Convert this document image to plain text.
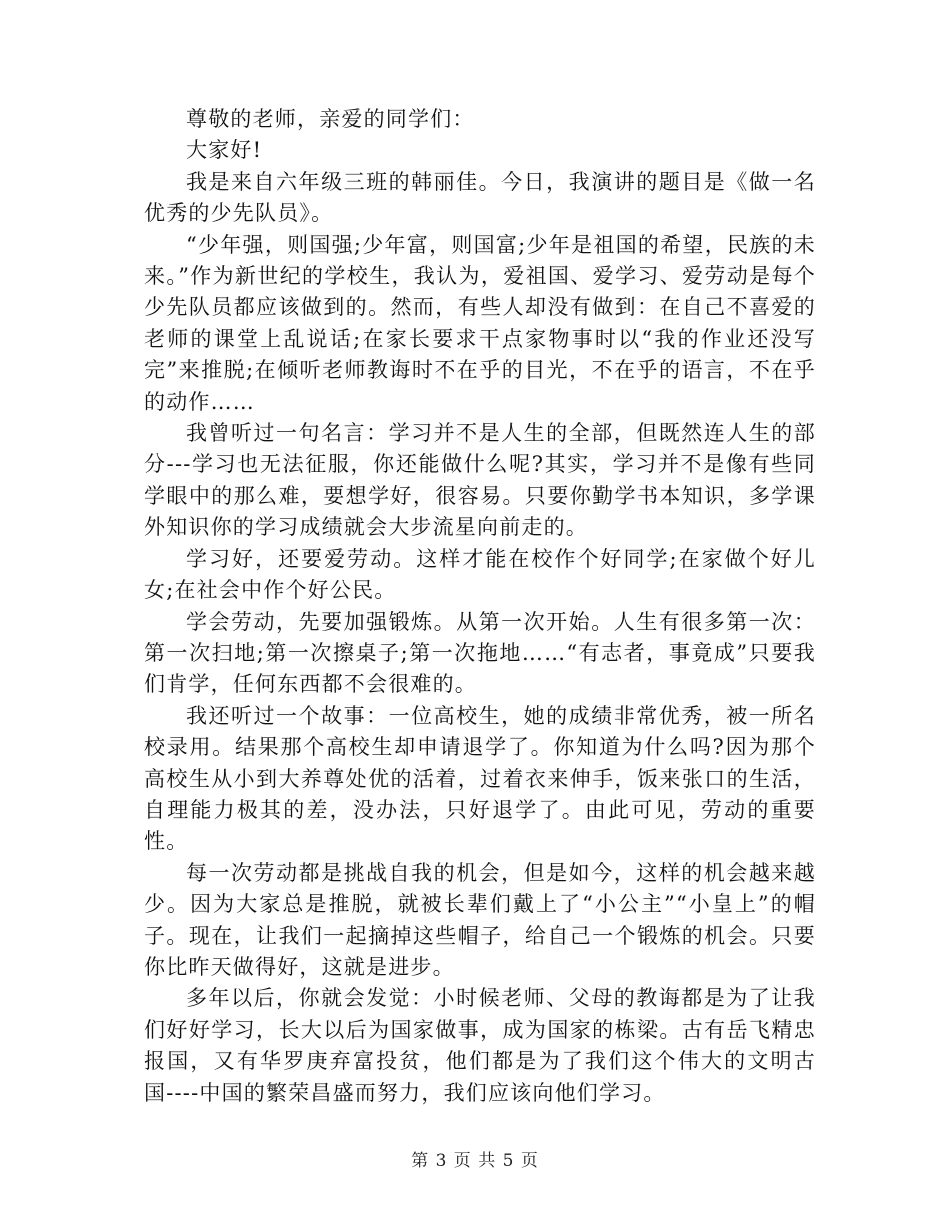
尊敬的老师，亲爱的同学们：

大家好!

我是来自六年级三班的韩丽佳。今日，我演讲的题目是《做一名优秀的少先队员》。

“少年强，则国强;少年富，则国富;少年是祖国的希望，民族的未来。”作为新世纪的学校生，我认为，爱祖国、爱学习、爱劳动是每个少先队员都应该做到的。然而，有些人却没有做到：在自己不喜爱的老师的课堂上乱说话;在家长要求干点家物事时以“我的作业还没写完”来推脱;在倾听老师教诲时不在乎的目光，不在乎的语言，不在乎的动作……

我曾听过一句名言：学习并不是人生的全部，但既然连人生的部分---学习也无法征服，你还能做什么呢?其实，学习并不是像有些同学眼中的那么难，要想学好，很容易。只要你勤学书本知识，多学课外知识你的学习成绩就会大步流星向前走的。

学习好，还要爱劳动。这样才能在校作个好同学;在家做个好儿女;在社会中作个好公民。

学会劳动，先要加强锻炼。从第一次开始。人生有很多第一次：第一次扫地;第一次擦桌子;第一次拖地……“有志者，事竟成”只要我们肯学，任何东西都不会很难的。

我还听过一个故事：一位高校生，她的成绩非常优秀，被一所名校录用。结果那个高校生却申请退学了。你知道为什么吗?因为那个高校生从小到大养尊处优的活着，过着衣来伸手，饭来张口的生活，自理能力极其的差，没办法，只好退学了。由此可见，劳动的重要性。

每一次劳动都是挑战自我的机会，但是如今，这样的机会越来越少。因为大家总是推脱，就被长辈们戴上了“小公主”“小皇上”的帽子。现在，让我们一起摘掉这些帽子，给自己一个锻炼的机会。只要你比昨天做得好，这就是进步。

多年以后，你就会发觉：小时候老师、父母的教诲都是为了让我们好好学习，长大以后为国家做事，成为国家的栋梁。古有岳飞精忠报国，又有华罗庚弃富投贫，他们都是为了我们这个伟大的文明古国----中国的繁荣昌盛而努力，我们应该向他们学习。

第 3 页 共 5 页
